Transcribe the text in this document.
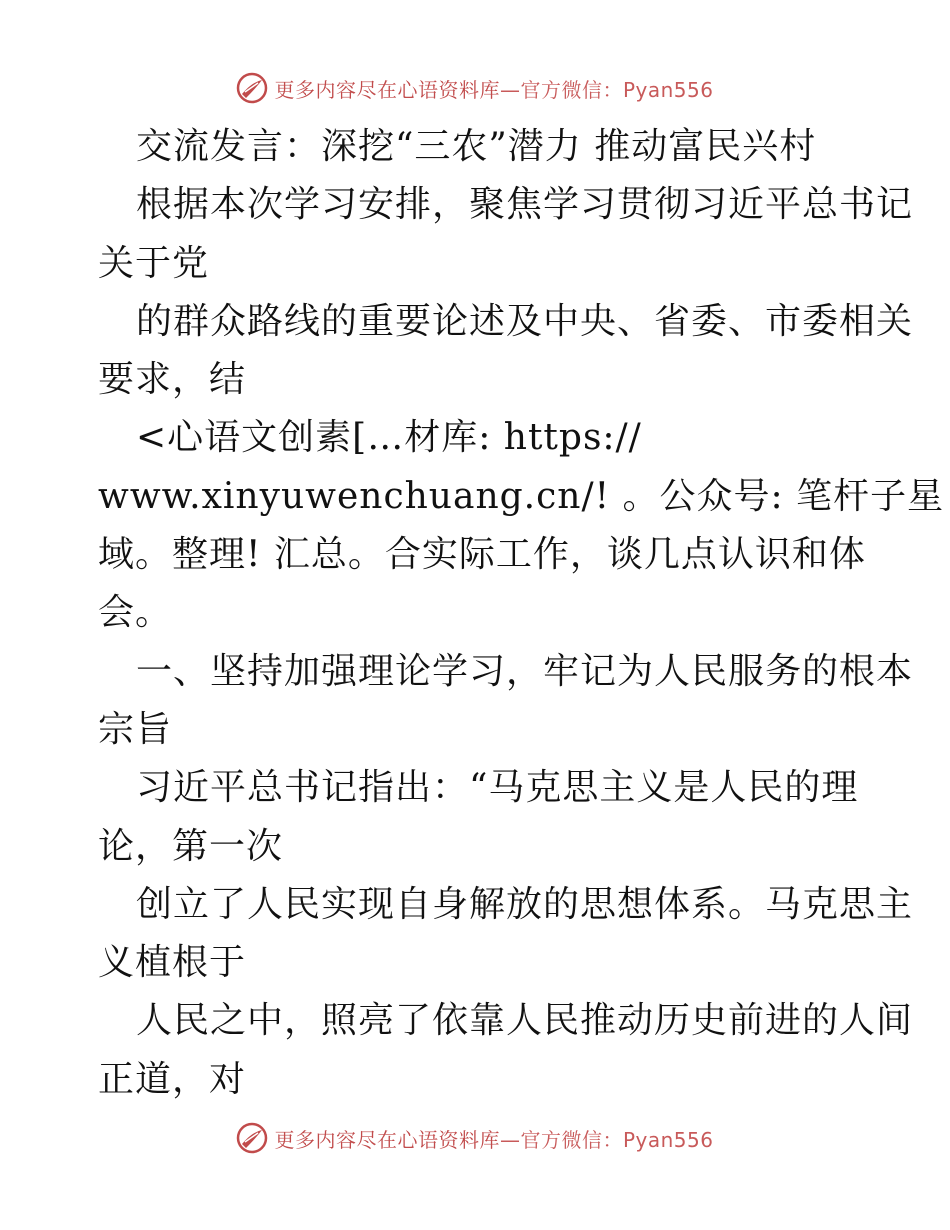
更多内容尽在心语资料库—官方微信：Pyan556
交流发言：深挖“三农”潜力 推动富民兴村
根据本次学习安排，聚焦学习贯彻习近平总书记
关于党
的群众路线的重要论述及中央、省委、市委相关
要求，结
<心语文创素[…材库: https://
www.xinyuwenchuang.cn/! 。公众号: 笔杆子星
域。整理! 汇总。合实际工作，谈几点认识和体
会。
一、坚持加强理论学习，牢记为人民服务的根本
宗旨
习近平总书记指出：“马克思主义是人民的理
论，第一次
创立了人民实现自身解放的思想体系。马克思主
义植根于
人民之中，照亮了依靠人民推动历史前进的人间
正道，对
更多内容尽在心语资料库—官方微信：Pyan556
